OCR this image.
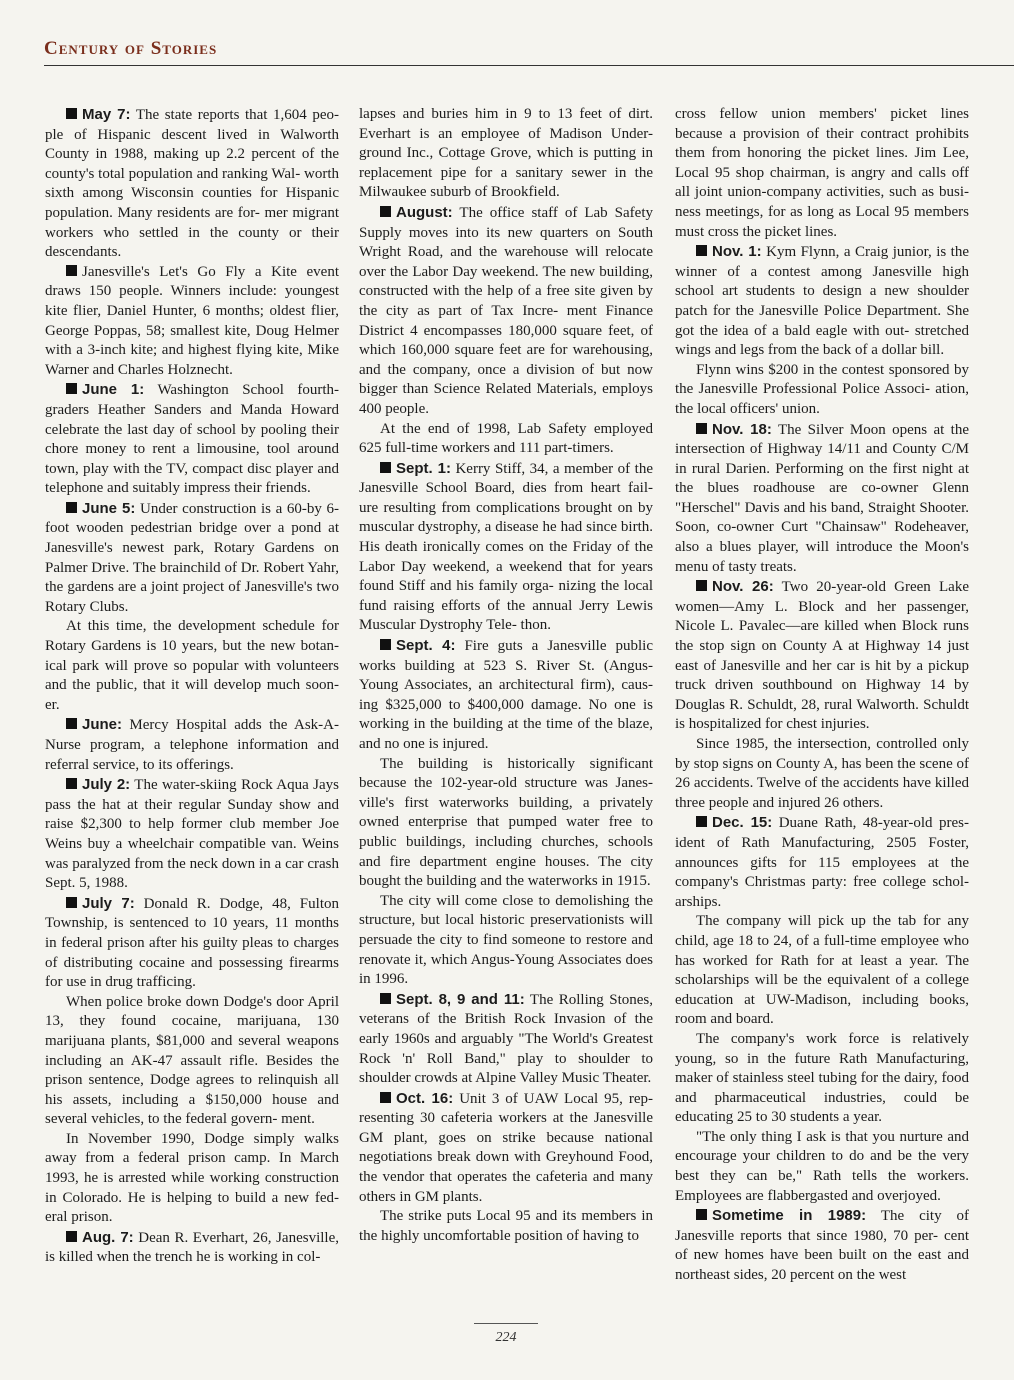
Century of Stories

May 7: The state reports that 1,604 peo- ple of Hispanic descent lived in Walworth County in 1988, making up 2.2 percent of the county's total population and ranking Wal- worth sixth among Wisconsin counties for Hispanic population. Many residents are for- mer migrant workers who settled in the county or their descendants.

Janesville's Let's Go Fly a Kite event draws 150 people. Winners include: youngest kite flier, Daniel Hunter, 6 months; oldest flier, George Poppas, 58; smallest kite, Doug Helmer with a 3-inch kite; and highest flying kite, Mike Warner and Charles Holznecht.

June 1: Washington School fourth- graders Heather Sanders and Manda Howard celebrate the last day of school by pooling their chore money to rent a limousine, tool around town, play with the TV, compact disc player and telephone and suitably impress their friends.

June 5: Under construction is a 60-by 6-foot wooden pedestrian bridge over a pond at Janesville's newest park, Rotary Gardens on Palmer Drive. The brainchild of Dr. Robert Yahr, the gardens are a joint project of Janesville's two Rotary Clubs.

At this time, the development schedule for Rotary Gardens is 10 years, but the new botan- ical park will prove so popular with volunteers and the public, that it will develop much soon- er.

June: Mercy Hospital adds the Ask-A- Nurse program, a telephone information and referral service, to its offerings.

July 2: The water-skiing Rock Aqua Jays pass the hat at their regular Sunday show and raise $2,300 to help former club member Joe Weins buy a wheelchair compatible van. Weins was paralyzed from the neck down in a car crash Sept. 5, 1988.

July 7: Donald R. Dodge, 48, Fulton Township, is sentenced to 10 years, 11 months in federal prison after his guilty pleas to charges of distributing cocaine and possessing firearms for use in drug trafficing.

When police broke down Dodge's door April 13, they found cocaine, marijuana, 130 marijuana plants, $81,000 and several weapons including an AK-47 assault rifle. Besides the prison sentence, Dodge agrees to relinquish all his assets, including a $150,000 house and several vehicles, to the federal govern- ment.

In November 1990, Dodge simply walks away from a federal prison camp. In March 1993, he is arrested while working construction in Colorado. He is helping to build a new fed- eral prison.

Aug. 7: Dean R. Everhart, 26, Janesville, is killed when the trench he is working in col-

lapses and buries him in 9 to 13 feet of dirt. Everhart is an employee of Madison Under- ground Inc., Cottage Grove, which is putting in replacement pipe for a sanitary sewer in the Milwaukee suburb of Brookfield.

August: The office staff of Lab Safety Supply moves into its new quarters on South Wright Road, and the warehouse will relocate over the Labor Day weekend. The new building, constructed with the help of a free site given by the city as part of Tax Incre- ment Finance District 4 encompasses 180,000 square feet, of which 160,000 square feet are for warehousing, and the company, once a division of but now bigger than Science Related Materials, employs 400 people.

At the end of 1998, Lab Safety employed 625 full-time workers and 111 part-timers.

Sept. 1: Kerry Stiff, 34, a member of the Janesville School Board, dies from heart fail- ure resulting from complications brought on by muscular dystrophy, a disease he had since birth. His death ironically comes on the Friday of the Labor Day weekend, a weekend that for years found Stiff and his family orga- nizing the local fund raising efforts of the annual Jerry Lewis Muscular Dystrophy Tele- thon.

Sept. 4: Fire guts a Janesville public works building at 523 S. River St. (Angus- Young Associates, an architectural firm), caus- ing $325,000 to $400,000 damage. No one is working in the building at the time of the blaze, and no one is injured.

The building is historically significant because the 102-year-old structure was Janes- ville's first waterworks building, a privately owned enterprise that pumped water free to public buildings, including churches, schools and fire department engine houses. The city bought the building and the waterworks in 1915.

The city will come close to demolishing the structure, but local historic preservationists will persuade the city to find someone to restore and renovate it, which Angus-Young Associates does in 1996.

Sept. 8, 9 and 11: The Rolling Stones, veterans of the British Rock Invasion of the early 1960s and arguably "The World's Greatest Rock 'n' Roll Band," play to shoulder to shoulder crowds at Alpine Valley Music Theater.

Oct. 16: Unit 3 of UAW Local 95, rep- resenting 30 cafeteria workers at the Janesville GM plant, goes on strike because national negotiations break down with Greyhound Food, the vendor that operates the cafeteria and many others in GM plants.

The strike puts Local 95 and its members in the highly uncomfortable position of having to

cross fellow union members' picket lines because a provision of their contract prohibits them from honoring the picket lines. Jim Lee, Local 95 shop chairman, is angry and calls off all joint union-company activities, such as busi- ness meetings, for as long as Local 95 members must cross the picket lines.

Nov. 1: Kym Flynn, a Craig junior, is the winner of a contest among Janesville high school art students to design a new shoulder patch for the Janesville Police Department. She got the idea of a bald eagle with out- stretched wings and legs from the back of a dollar bill.

Flynn wins $200 in the contest sponsored by the Janesville Professional Police Associ- ation, the local officers' union.

Nov. 18: The Silver Moon opens at the intersection of Highway 14/11 and County C/M in rural Darien. Performing on the first night at the blues roadhouse are co-owner Glenn "Herschel" Davis and his band, Straight Shooter. Soon, co-owner Curt "Chainsaw" Rodeheaver, also a blues player, will introduce the Moon's menu of tasty treats.

Nov. 26: Two 20-year-old Green Lake women—Amy L. Block and her passenger, Nicole L. Pavalec—are killed when Block runs the stop sign on County A at Highway 14 just east of Janesville and her car is hit by a pickup truck driven southbound on Highway 14 by Douglas R. Schuldt, 28, rural Walworth. Schuldt is hospitalized for chest injuries.

Since 1985, the intersection, controlled only by stop signs on County A, has been the scene of 26 accidents. Twelve of the accidents have killed three people and injured 26 others.

Dec. 15: Duane Rath, 48-year-old pres- ident of Rath Manufacturing, 2505 Foster, announces gifts for 115 employees at the company's Christmas party: free college schol- arships.

The company will pick up the tab for any child, age 18 to 24, of a full-time employee who has worked for Rath for at least a year. The scholarships will be the equivalent of a college education at UW-Madison, including books, room and board.

The company's work force is relatively young, so in the future Rath Manufacturing, maker of stainless steel tubing for the dairy, food and pharmaceutical industries, could be educating 25 to 30 students a year.

"The only thing I ask is that you nurture and encourage your children to do and be the very best they can be," Rath tells the workers. Employees are flabbergasted and overjoyed.

Sometime in 1989: The city of Janesville reports that since 1980, 70 per- cent of new homes have been built on the east and northeast sides, 20 percent on the west

224
